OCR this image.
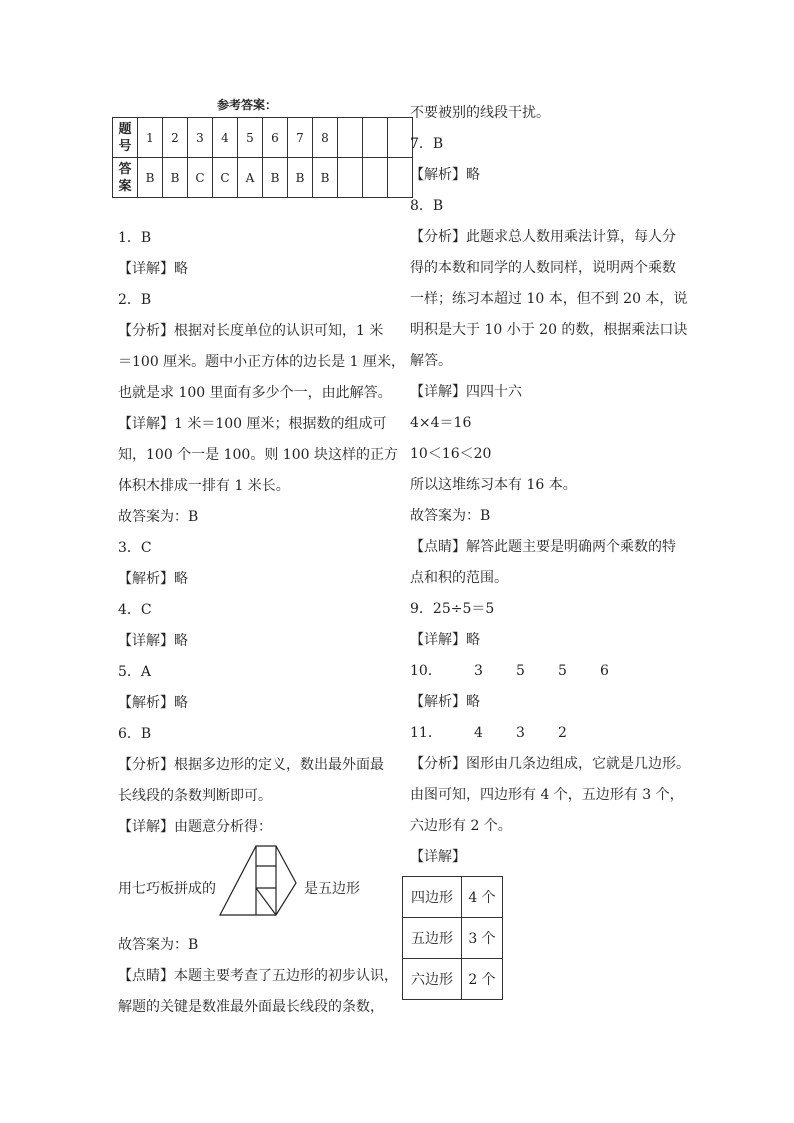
参考答案：

题号	1	2	3	4	5	6	7	8			
答案	B	B	C	C	A	B	B	B			

1．B

【详解】略

2．B

【分析】根据对长度单位的认识可知，1 米

＝100 厘米。题中小正方体的边长是 1 厘米，

也就是求 100 里面有多少个一，由此解答。

【详解】1 米＝100 厘米；根据数的组成可

知，100 个一是 100。则 100 块这样的正方

体积木排成一排有 1 米长。

故答案为：B

3．C

【解析】略

4．C

【详解】略

5．A

【解析】略

6．B

【分析】根据多边形的定义，数出最外面最

长线段的条数判断即可。

【详解】由题意分析得：

用七巧板拼成的	是五边形

故答案为：B

【点睛】本题主要考查了五边形的初步认识，

解题的关键是数准最外面最长线段的条数，

不要被别的线段干扰。

7．B

【解析】略

8．B

【分析】此题求总人数用乘法计算，每人分

得的本数和同学的人数同样，说明两个乘数

一样；练习本超过 10 本，但不到 20 本，说

明积是大于 10 小于 20 的数，根据乘法口诀

解答。

【详解】四四十六

4×4＝16

10＜16＜20

所以这堆练习本有 16 本。

故答案为：B

【点睛】解答此题主要是明确两个乘数的特

点和积的范围。

9．25÷5＝5

【详解】略

10． 3 5 5 6

【解析】略

11． 4 3 2

【分析】图形由几条边组成，它就是几边形。

由图可知，四边形有 4 个，五边形有 3 个，

六边形有 2 个。

【详解】

四边形	4 个
五边形	3 个
六边形	2 个
